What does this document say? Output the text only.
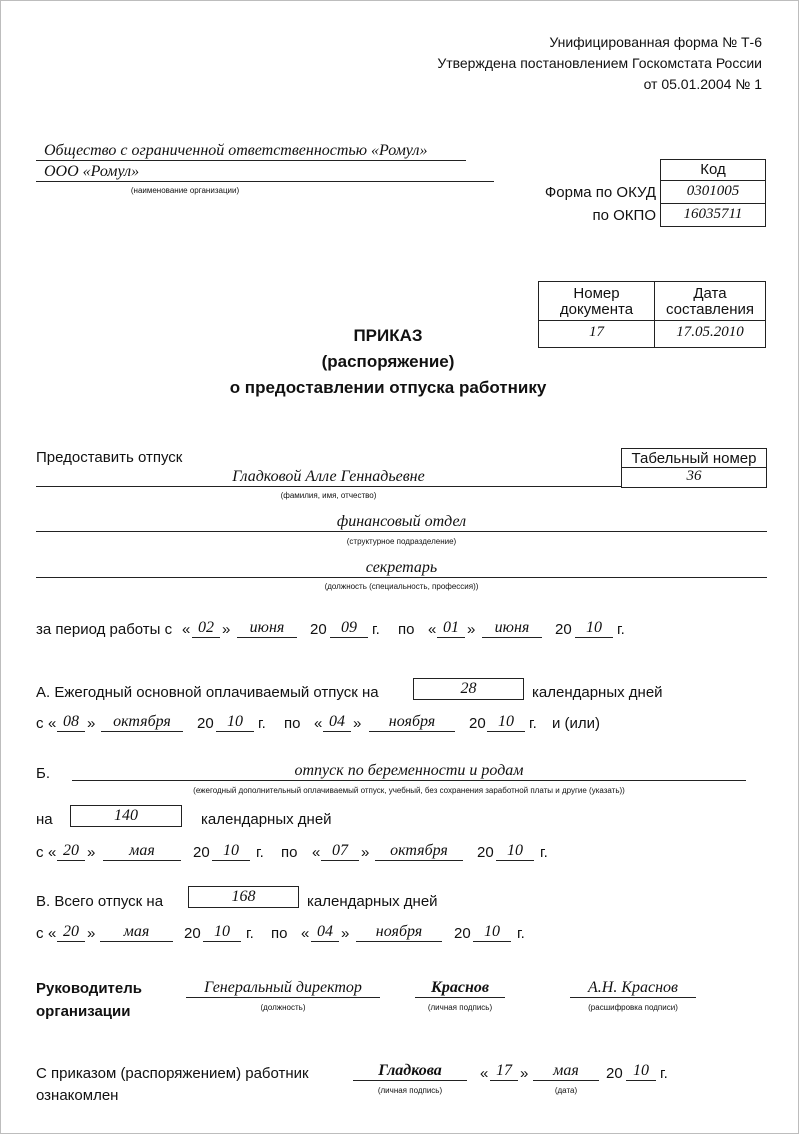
Унифицированная форма № Т-6
Утверждена постановлением Госкомстата России
от 05.01.2004 № 1
Общество с ограниченной ответственностью «Ромул»
ООО «Ромул»
(наименование организации)
Код
Форма по ОКУД	0301005
по ОКПО	16035711
Номер
документа
Дата
составления
17	17.05.2010
ПРИКАЗ
(распоряжение)
о предоставлении отпуска работнику
Предоставить отпуск	Табельный номер
36
Гладковой Алле Геннадьевне
(фамилия, имя, отчество)
финансовый отдел
(структурное подразделение)
секретарь
(должность (специальность, профессия))
за период работы с « 02 »	июня	20 09	г. по « 01 »	июня	20 10	г.
А. Ежегодный основной оплачиваемый отпуск на	28	календарных дней
с « 08 »	октября	20 10	г. по « 04 »	ноября	20 10	г. и (или)
Б.	отпуск по беременности и родам
(ежегодный дополнительный оплачиваемый отпуск, учебный, без сохранения заработной платы и другие (указать))
на	140	календарных дней
с « 20 »	мая	20 10	г. по « 07 »	октября	20 10	г.
В. Всего отпуск на	168	календарных дней
с « 20 »	мая	20 10	г. по « 04 »	ноября	20 10	г.
Руководитель
организации
Генеральный директор
(должность)
Краснов
(личная подпись)
А.Н. Краснов
(расшифровка подписи)
С приказом (распоряжением) работник
ознакомлен
Гладкова
(личная подпись)
« 17 »	мая	20 10 г.
(дата)
